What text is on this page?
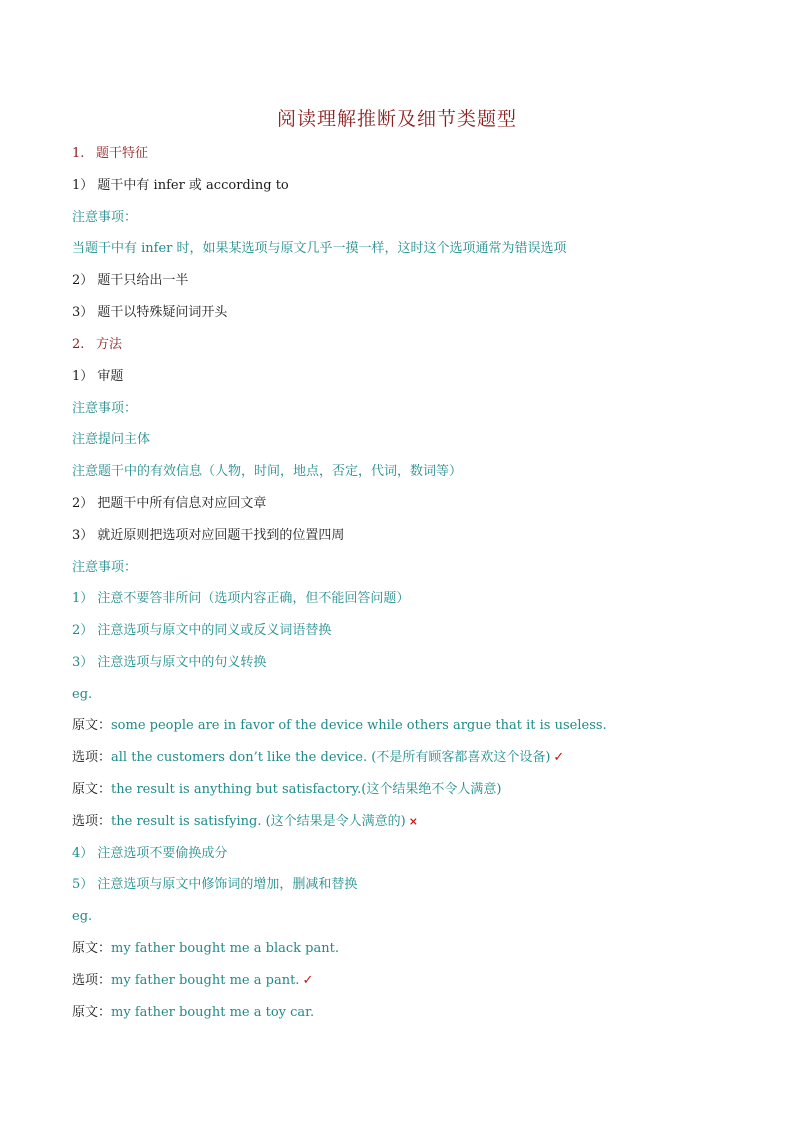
阅读理解推断及细节类题型
1. 题干特征
1） 题干中有 infer 或 according to
注意事项：
当题干中有 infer 时，如果某选项与原文几乎一摸一样，这时这个选项通常为错误选项
2） 题干只给出一半
3） 题干以特殊疑问词开头
2. 方法
1） 审题
注意事项：
注意提问主体
注意题干中的有效信息（人物，时间，地点，否定，代词，数词等）
2） 把题干中所有信息对应回文章
3） 就近原则把选项对应回题干找到的位置四周
注意事项：
1） 注意不要答非所问（选项内容正确，但不能回答问题）
2） 注意选项与原文中的同义或反义词语替换
3） 注意选项与原文中的句义转换
eg.
原文：some people are in favor of the device while others argue that it is useless.
选项：all the customers don’t like the device. (不是所有顾客都喜欢这个设备) ✓
原文：the result is anything but satisfactory.(这个结果绝不令人满意)
选项：the result is satisfying. (这个结果是令人满意的) ×
4） 注意选项不要偷换成分
5） 注意选项与原文中修饰词的增加，删减和替换
eg.
原文：my father bought me a black pant.
选项：my father bought me a pant. ✓
原文：my father bought me a toy car.
